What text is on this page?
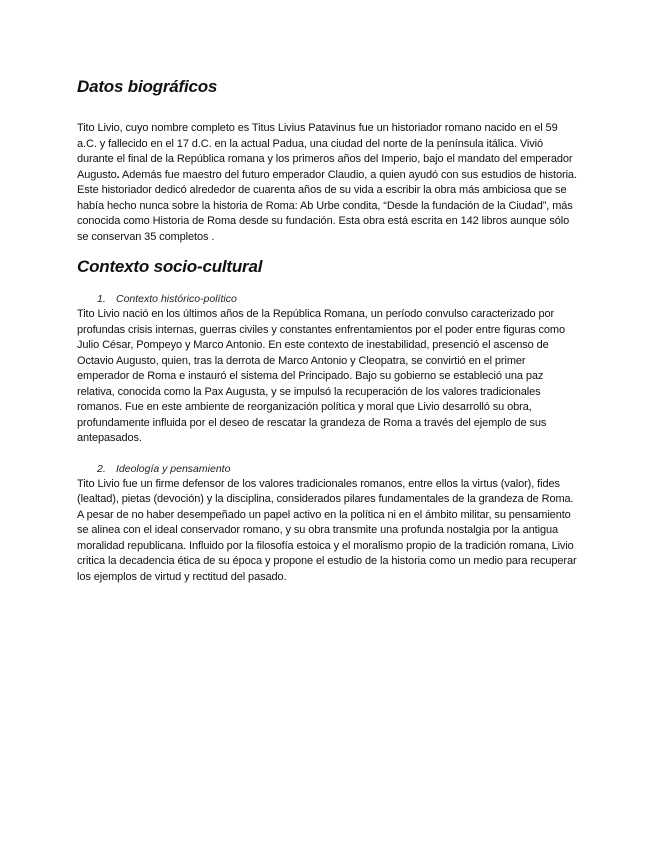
Datos biográficos

Tito Livio, cuyo nombre completo es Titus Livius Patavinus fue un historiador romano nacido en el 59 a.C. y fallecido en el 17 d.C. en la actual Padua, una ciudad del norte de la península itálica. Vivió durante el final de la República romana y los primeros años del Imperio, bajo el mandato del emperador Augusto. Además fue maestro del futuro emperador Claudio, a quien ayudó con sus estudios de historia.

Este historiador dedicó alrededor de cuarenta años de su vida a escribir la obra más ambiciosa que se había hecho nunca sobre la historia de Roma: Ab Urbe condita, “Desde la fundación de la Ciudad”, más conocida como Historia de Roma desde su fundación. Esta obra está escrita en 142 libros aunque sólo se conservan 35 completos .

Contexto socio-cultural
1. Contexto histórico-político

Tito Livio nació en los últimos años de la República Romana, un período convulso caracterizado por profundas crisis internas, guerras civiles y constantes enfrentamientos por el poder entre figuras como Julio César, Pompeyo y Marco Antonio. En este contexto de inestabilidad, presenció el ascenso de Octavio Augusto, quien, tras la derrota de Marco Antonio y Cleopatra, se convirtió en el primer emperador de Roma e instauró el sistema del Principado. Bajo su gobierno se estableció una paz relativa, conocida como la Pax Augusta, y se impulsó la recuperación de los valores tradicionales romanos. Fue en este ambiente de reorganización política y moral que Livio desarrolló su obra, profundamente influida por el deseo de rescatar la grandeza de Roma a través del ejemplo de sus antepasados.

2. Ideología y pensamiento

Tito Livio fue un firme defensor de los valores tradicionales romanos, entre ellos la virtus (valor), fides (lealtad), pietas (devoción) y la disciplina, considerados pilares fundamentales de la grandeza de Roma. A pesar de no haber desempeñado un papel activo en la política ni en el ámbito militar, su pensamiento se alinea con el ideal conservador romano, y su obra transmite una profunda nostalgia por la antigua moralidad republicana. Influido por la filosofía estoica y el moralismo propio de la tradición romana, Livio critica la decadencia ética de su época y propone el estudio de la historia como un medio para recuperar los ejemplos de virtud y rectitud del pasado.
